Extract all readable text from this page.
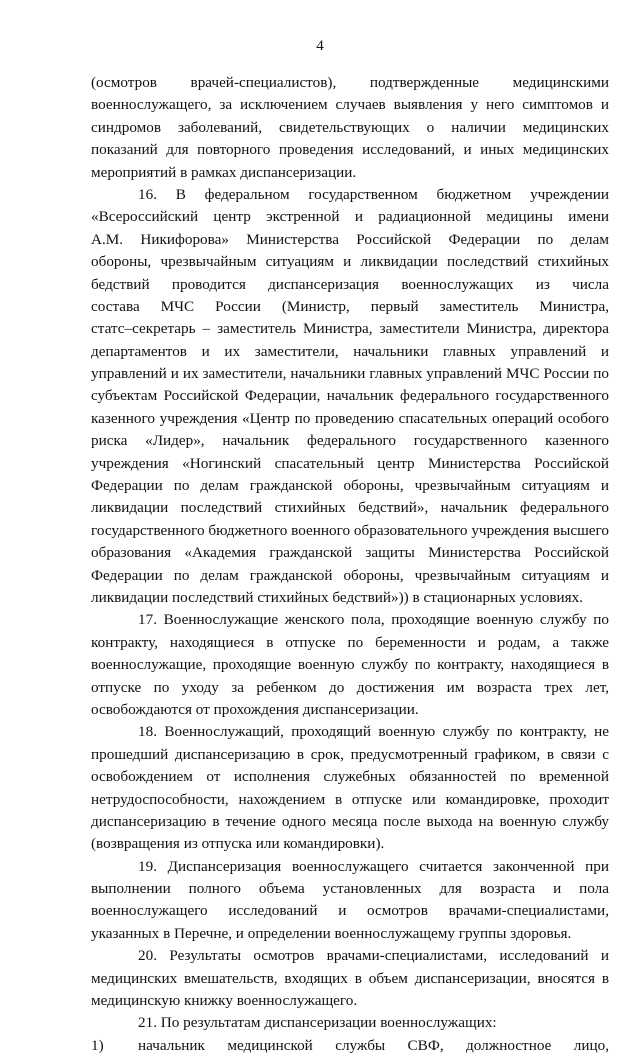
4
(осмотров врачей-специалистов), подтвержденные медицинскими
военнослужащего, за исключением случаев выявления у него симптомов и
синдромов заболеваний, свидетельствующих о наличии медицинских
показаний для повторного проведения исследований, и иных медицинских
мероприятий в рамках диспансеризации.
16. В федеральном государственном бюджетном учреждении
«Всероссийский центр экстренной и радиационной медицины имени
А.М. Никифорова» Министерства Российской Федерации по делам
обороны, чрезвычайным ситуациям и ликвидации последствий стихийных
бедствий проводится диспансеризация военнослужащих из числа
состава МЧС России (Министр, первый заместитель Министра,
статс–секретарь – заместитель Министра, заместители Министра, директора
департаментов и их заместители, начальники главных управлений и
управлений и их заместители, начальники главных управлений МЧС России по
субъектам Российской Федерации, начальник федерального государственного
казенного учреждения «Центр по проведению спасательных операций особого
риска «Лидер», начальник федерального государственного казенного
учреждения «Ногинский спасательный центр Министерства Российской
Федерации по делам гражданской обороны, чрезвычайным ситуациям и
ликвидации последствий стихийных бедствий», начальник федерального
государственного бюджетного военного образовательного учреждения высшего
образования «Академия гражданской защиты Министерства Российской
Федерации по делам гражданской обороны, чрезвычайным ситуациям и
ликвидации последствий стихийных бедствий»)) в стационарных условиях.
17. Военнослужащие женского пола, проходящие военную службу по
контракту, находящиеся в отпуске по беременности и родам, а также
военнослужащие, проходящие военную службу по контракту, находящиеся в
отпуске по уходу за ребенком до достижения им возраста трех лет,
освобождаются от прохождения диспансеризации.
18. Военнослужащий, проходящий военную службу по контракту, не
прошедший диспансеризацию в срок, предусмотренный графиком, в связи с
освобождением от исполнения служебных обязанностей по временной
нетрудоспособности, нахождением в отпуске или командировке, проходит
диспансеризацию в течение одного месяца после выхода на военную службу
(возвращения из отпуска или командировки).
19. Диспансеризация военнослужащего считается законченной при
выполнении полного объема установленных для возраста и пола
военнослужащего исследований и осмотров врачами-специалистами,
указанных в Перечне, и определении военнослужащему группы здоровья.
20. Результаты осмотров врачами-специалистами, исследований и
медицинских вмешательств, входящих в объем диспансеризации, вносятся в
медицинскую книжку военнослужащего.
21. По результатам диспансеризации военнослужащих:
1)	начальник медицинской службы СВФ, должностное лицо,
